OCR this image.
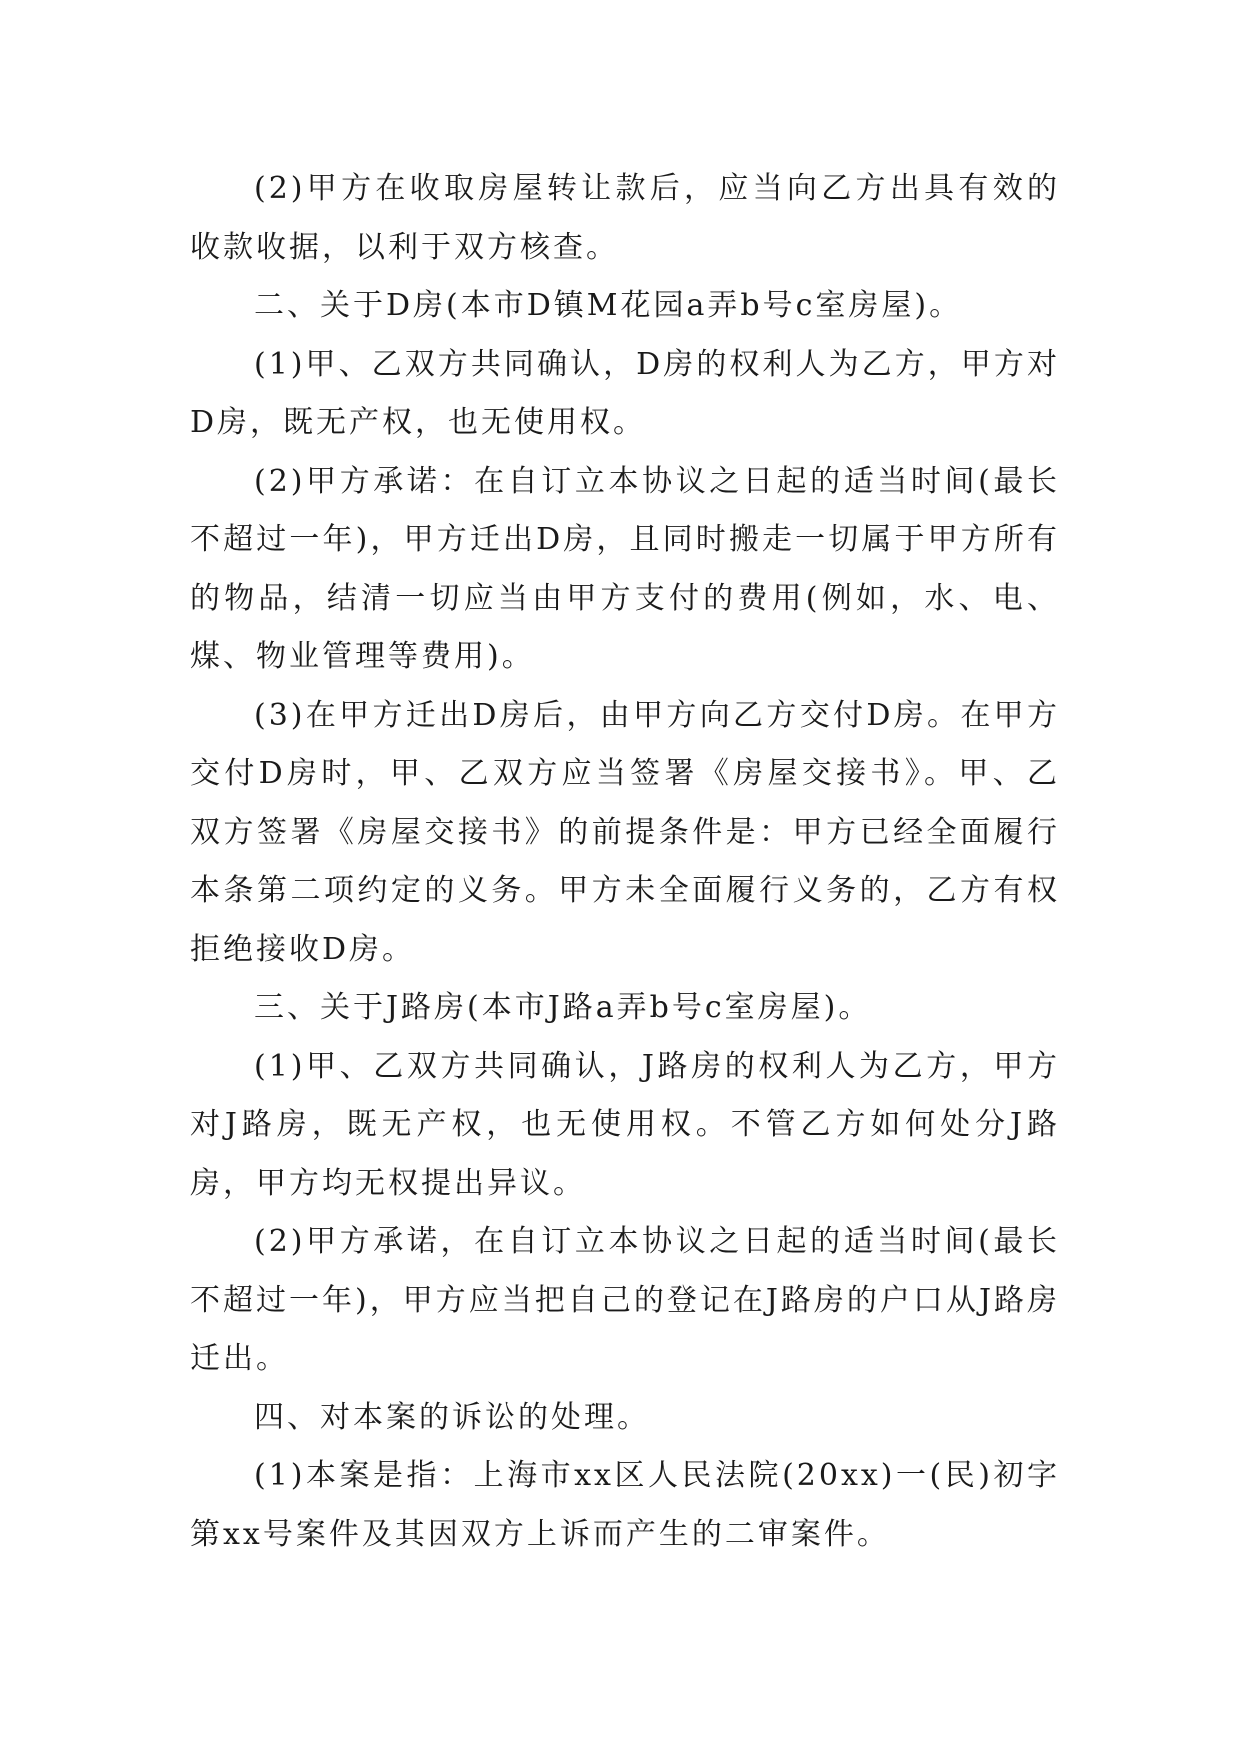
(2)甲方在收取房屋转让款后，应当向乙方出具有效的收款收据，以利于双方核查。

二、关于D房(本市D镇M花园a弄b号c室房屋)。

(1)甲、乙双方共同确认，D房的权利人为乙方，甲方对D房，既无产权，也无使用权。

(2)甲方承诺：在自订立本协议之日起的适当时间(最长不超过一年)，甲方迁出D房，且同时搬走一切属于甲方所有的物品，结清一切应当由甲方支付的费用(例如，水、电、煤、物业管理等费用)。

(3)在甲方迁出D房后，由甲方向乙方交付D房。在甲方交付D房时，甲、乙双方应当签署《房屋交接书》。甲、乙双方签署《房屋交接书》的前提条件是：甲方已经全面履行本条第二项约定的义务。甲方未全面履行义务的，乙方有权拒绝接收D房。

三、关于J路房(本市J路a弄b号c室房屋)。

(1)甲、乙双方共同确认，J路房的权利人为乙方，甲方对J路房，既无产权，也无使用权。不管乙方如何处分J路房，甲方均无权提出异议。

(2)甲方承诺，在自订立本协议之日起的适当时间(最长不超过一年)，甲方应当把自己的登记在J路房的户口从J路房迁出。

四、对本案的诉讼的处理。

(1)本案是指：上海市xx区人民法院(20xx)一(民)初字第xx号案件及其因双方上诉而产生的二审案件。
